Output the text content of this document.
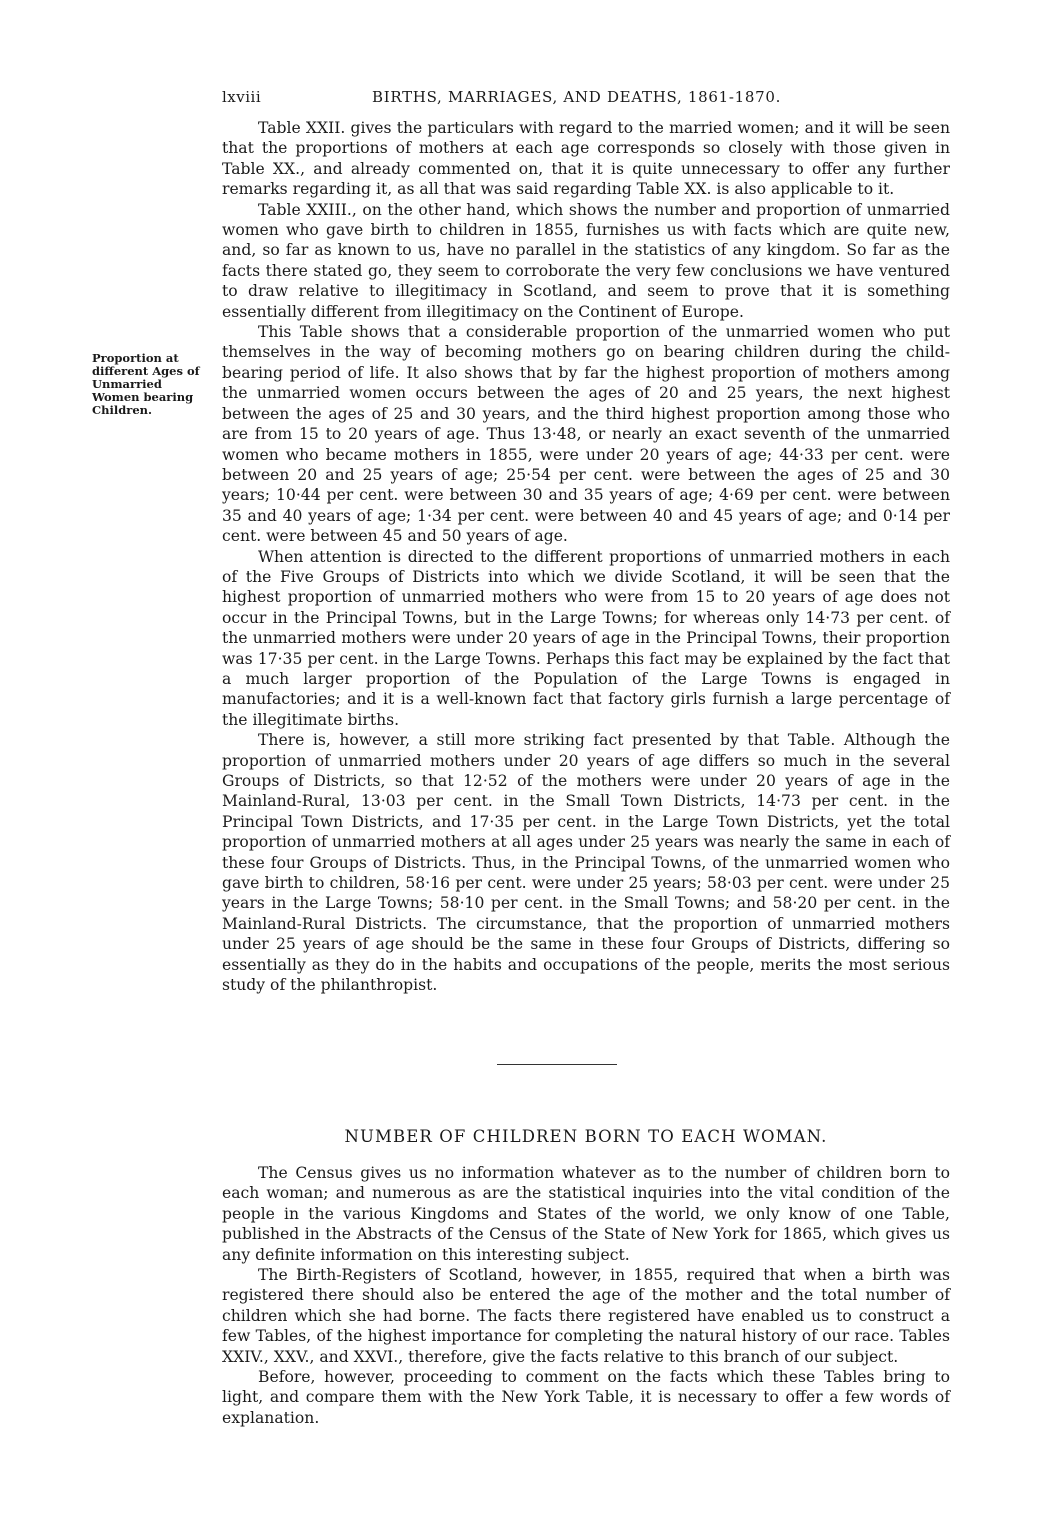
lxviii	BIRTHS, MARRIAGES, AND DEATHS, 1861-1870.
Proportion at different Ages of Unmarried Women bearing Children.

Table XXII. gives the particulars with regard to the married women; and it will be seen that the proportions of mothers at each age corresponds so closely with those given in Table XX., and already commented on, that it is quite unnecessary to offer any further remarks regarding it, as all that was said regarding Table XX. is also applicable to it.

Table XXIII., on the other hand, which shows the number and proportion of unmarried women who gave birth to children in 1855, furnishes us with facts which are quite new, and, so far as known to us, have no parallel in the statistics of any kingdom. So far as the facts there stated go, they seem to corroborate the very few conclusions we have ventured to draw relative to illegitimacy in Scotland, and seem to prove that it is something essentially different from illegitimacy on the Continent of Europe.

This Table shows that a considerable proportion of the unmarried women who put themselves in the way of becoming mothers go on bearing children during the child-bearing period of life. It also shows that by far the highest proportion of mothers among the unmarried women occurs between the ages of 20 and 25 years, the next highest between the ages of 25 and 30 years, and the third highest proportion among those who are from 15 to 20 years of age. Thus 13·48, or nearly an exact seventh of the unmarried women who became mothers in 1855, were under 20 years of age; 44·33 per cent. were between 20 and 25 years of age; 25·54 per cent. were between the ages of 25 and 30 years; 10·44 per cent. were between 30 and 35 years of age; 4·69 per cent. were between 35 and 40 years of age; 1·34 per cent. were between 40 and 45 years of age; and 0·14 per cent. were between 45 and 50 years of age.

When attention is directed to the different proportions of unmarried mothers in each of the Five Groups of Districts into which we divide Scotland, it will be seen that the highest proportion of unmarried mothers who were from 15 to 20 years of age does not occur in the Principal Towns, but in the Large Towns; for whereas only 14·73 per cent. of the unmarried mothers were under 20 years of age in the Principal Towns, their proportion was 17·35 per cent. in the Large Towns. Perhaps this fact may be explained by the fact that a much larger proportion of the Population of the Large Towns is engaged in manufactories; and it is a well-known fact that factory girls furnish a large percentage of the illegitimate births.

There is, however, a still more striking fact presented by that Table. Although the proportion of unmarried mothers under 20 years of age differs so much in the several Groups of Districts, so that 12·52 of the mothers were under 20 years of age in the Mainland-Rural, 13·03 per cent. in the Small Town Districts, 14·73 per cent. in the Principal Town Districts, and 17·35 per cent. in the Large Town Districts, yet the total proportion of unmarried mothers at all ages under 25 years was nearly the same in each of these four Groups of Districts. Thus, in the Principal Towns, of the unmarried women who gave birth to children, 58·16 per cent. were under 25 years; 58·03 per cent. were under 25 years in the Large Towns; 58·10 per cent. in the Small Towns; and 58·20 per cent. in the Mainland-Rural Districts. The circumstance, that the proportion of unmarried mothers under 25 years of age should be the same in these four Groups of Districts, differing so essentially as they do in the habits and occupations of the people, merits the most serious study of the philanthropist.

NUMBER OF CHILDREN BORN TO EACH WOMAN.

The Census gives us no information whatever as to the number of children born to each woman; and numerous as are the statistical inquiries into the vital condition of the people in the various Kingdoms and States of the world, we only know of one Table, published in the Abstracts of the Census of the State of New York for 1865, which gives us any definite information on this interesting subject.

The Birth-Registers of Scotland, however, in 1855, required that when a birth was registered there should also be entered the age of the mother and the total number of children which she had borne. The facts there registered have enabled us to construct a few Tables, of the highest importance for completing the natural history of our race. Tables XXIV., XXV., and XXVI., therefore, give the facts relative to this branch of our subject.

Before, however, proceeding to comment on the facts which these Tables bring to light, and compare them with the New York Table, it is necessary to offer a few words of explanation.
